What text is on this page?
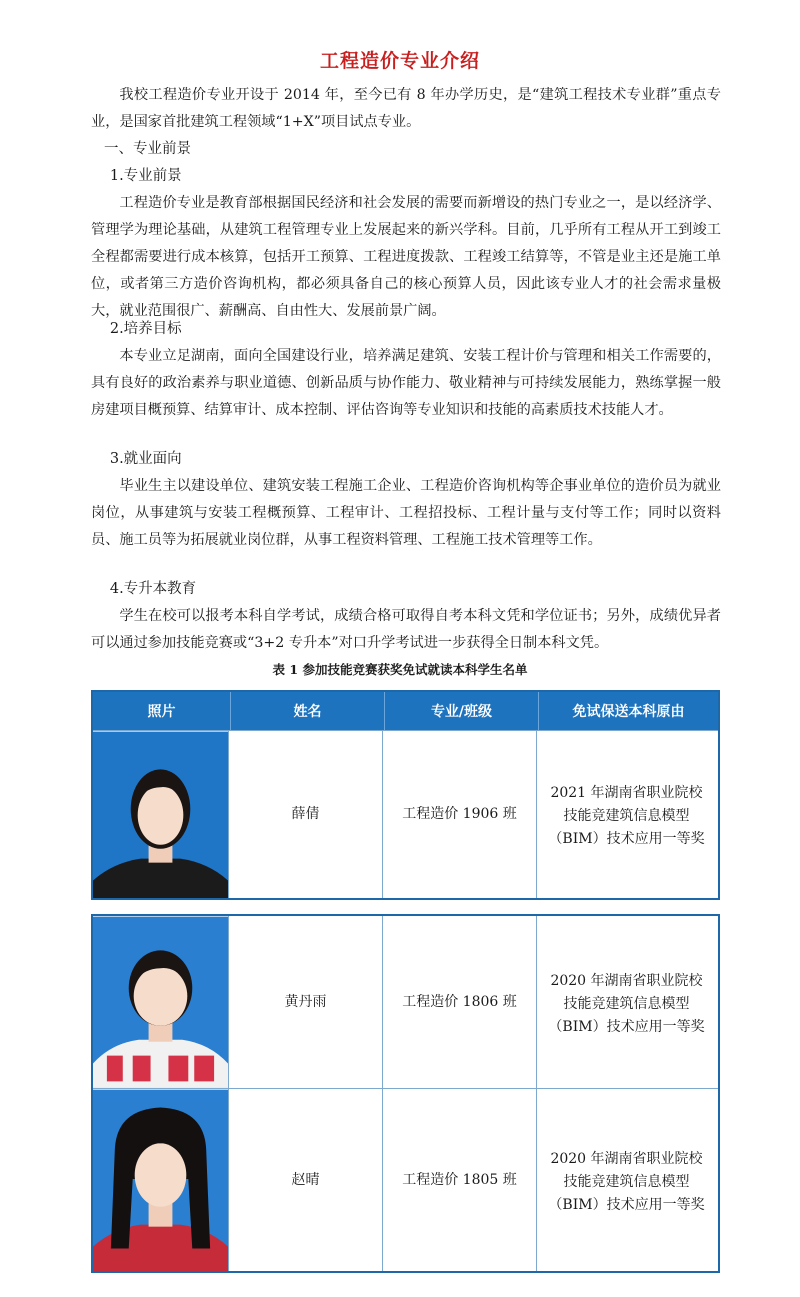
工程造价专业介绍

我校工程造价专业开设于 2014 年，至今已有 8 年办学历史，是“建筑工程技术专业群”重点专业，是国家首批建筑工程领域“1+X”项目试点专业。

一、专业前景

1.专业前景

工程造价专业是教育部根据国民经济和社会发展的需要而新增设的热门专业之一，是以经济学、管理学为理论基础，从建筑工程管理专业上发展起来的新兴学科。目前，几乎所有工程从开工到竣工全程都需要进行成本核算，包括开工预算、工程进度拨款、工程竣工结算等，不管是业主还是施工单位，或者第三方造价咨询机构，都必须具备自己的核心预算人员，因此该专业人才的社会需求量极大，就业范围很广、薪酬高、自由性大、发展前景广阔。

2.培养目标

本专业立足湖南，面向全国建设行业，培养满足建筑、安装工程计价与管理和相关工作需要的，具有良好的政治素养与职业道德、创新品质与协作能力、敬业精神与可持续发展能力，熟练掌握一般房建项目概预算、结算审计、成本控制、评估咨询等专业知识和技能的高素质技术技能人才。

3.就业面向

毕业生主以建设单位、建筑安装工程施工企业、工程造价咨询机构等企事业单位的造价员为就业岗位，从事建筑与安装工程概预算、工程审计、工程招投标、工程计量与支付等工作；同时以资料员、施工员等为拓展就业岗位群，从事工程资料管理、工程施工技术管理等工作。

4.专升本教育

学生在校可以报考本科自学考试，成绩合格可取得自考本科文凭和学位证书；另外，成绩优异者可以通过参加技能竞赛或“3+2 专升本”对口升学考试进一步获得全日制本科文凭。

表 1 参加技能竞赛获奖免试就读本科学生名单
照片	姓名	专业/班级	免试保送本科原由
薛倩	工程造价 1906 班
2021 年湖南省职业院校
技能竞建筑信息模型
（BIM）技术应用一等奖
黄丹雨	工程造价 1806 班
2020 年湖南省职业院校
技能竞建筑信息模型
（BIM）技术应用一等奖
赵晴	工程造价 1805 班
2020 年湖南省职业院校
技能竞建筑信息模型
（BIM）技术应用一等奖
